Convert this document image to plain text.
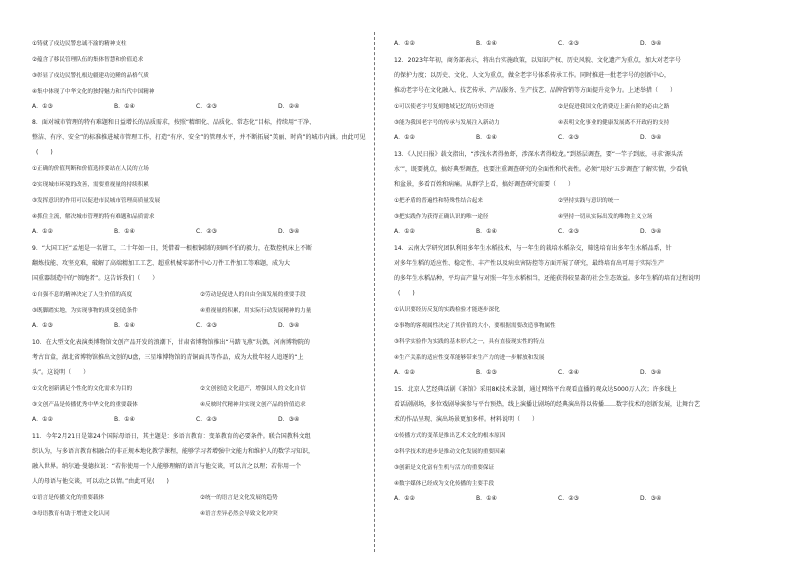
①铸就了戍边民警忠诚不渝的精神支柱
②蕴含了移民管理队伍的集体智慧和价值追求
③彰显了戍边民警扎根边疆建功边陲的品格气质
④集中体现了中华文化的独特魅力和当代中国精神
A．①③	B．①④	C．②③	D．②④
8．面对城市管理的特有难题和日益增长的品质需求，按照“精细化、品质化、常态化”目标，持续用“干净、
整洁、有序、安全”的标准推进城市管理工作，打造“有序、安全”的管理水平，并不断拓展“美丽、时尚”的城市内涵。由此可见
(　　)
①正确的价值判断和价值选择要站在人民的立场
②实现城市环境的改善，需要重视量的持续积累
③发挥意识的作用可以促进市民城市管理高质量发展
④抓住主流，解决城市管理的特有难题和品质需求
A．①②	B．①④	C．②③	D．③④
9．“大国工匠”孟旭是一名钳工，二十年如一日，凭借着一根根铜制的刻画不怕的毅力，在数控机床上不断
翻炼技能、攻坚克难，破解了高端精加工工艺、超重机械零部件中心刀件工件加工等难题，成为大
国重器制造中的“领跑者”。这告诉我们（　　）
①自强不息的精神决定了人生价值的高度	②劳动是促进人的自由全面发展的重要手段
③既脚踏实地，为实现事物的质变创造条件	④重视量的积累，用实际行动发展精神的力量
A．①③	B．①④	C．②③	D．③④
10．在大型文化表演类博物馆文创产品开发的浪潮下，甘肃省博物馆推出“马踏飞燕”玩偶，河南博物院的
考古盲盒，湖北省博物馆推出文创的U盘，三星堆博物馆的青铜面具等作品，成为大批年轻人追逐的“上
头”。这说明（　　）
①文化创新满足个性化的文化需求为目的	②文创创造文化遗产，增强国人的文化自信
③文创产品是传播优秀中华文化的重要载体	④反映时代精神并实现文创产品的价值追求
A．①②	B．①④	C．②③	D．③④
11．今年2月21日是第24个国际母语日，其主题是：多语言教育：变革教育的必要条件。联合国教科文组
织认为，与多语言教育相融合的非正规本地化教学课程，能够学习者增强中文能力和维护人的数学习知识，
融入世界。纳尔逊·曼德拉说：“若你使用一个人能够理解的语言与他交谈，可以言之以理；若你用一个
人的母语与他交谈，可以动之以情。”由此可见(　　)
①语言是传播文化的重要载体	②统一的语言是文化发展的趋势
③母语教育有助于增进文化认同	④语言差异必然会导致文化冲突
A．①②	B．①④	C．②③	D．③④
12．2023年年初，商务部表示，将出台实施政策，以知识产权、历史风貌、文化遗产为重点，加大对老字号
的保护力度；以历史、文化、人文为重点，做全老字号体系传承工作。同时推进一批老字号的创新中心，
推动老字号在文化融入、技艺传承、产品服务、生产技艺、品牌营销等方面提升竞争力。上述举措（　　）
①可以使老字号复刻地域记忆的历史印迹	②是促进我国文化消费迈上新台阶的必由之路
③能为我国老字号的传承与发展注入新动力	④表明文化事业的健康发展离不开政府的支持
A．①②	B．①④	C．②③	D．③④
13．《人民日报》载文指出，“涉浅水者得鱼虾，涉深水者得蛟龙。”到基层调查，要“一竿子到底，寻求‘源头活
水’”，既要挑点，搞好典型调查，也要注重调查研究的全面性和代表性。必须“用好‘五步调查’了解实情，少看轨
和盆景，多看百姓和病痛。从群学上看，搞好调查研究需要（　　）
①把矛盾的普遍性和特殊性结合起来	②坚持实践与意识的统一
③把实践作为获得正确认识的唯一途径	④坚持一切从实际出发的唯物主义立场
A．①②	B．①④	C．②③	D．③④
14．云南大学研究团队利用多年生水稻技术，与一年生的栽培水稻杂交，筛选培育出多年生水稻品系，针
对多年生稻的适应性、稳定性、丰产性以及病虫害防控等方面开展了研究，最终培育出可用于实际生产
的多年生水稻品种，平均亩产量与对照一年生水稻相当，还能获得较显著的社会生态效益。多年生稻的培育过程说明
(　　)
①认识要经历反复的实践检验才能逐步深化
②事物的客观属性决定了其价值的大小，要根据需要改造事物属性
③科学实验作为实践的基本形式之一，具有直接现实性的特点
④生产关系的适应性变革能够带来生产力的进一步解放和发展
A．①②	B．①③	C．②④	D．③④
15．北京人艺经典话剧《茶馆》采用8K技术录制，通过网络平台观看直播的观众达5000万人次；许多线上
看话剧剧场，多位戏剧导演参与平台预热，线上演播让剧场的经典演出得以传播……数字技术的创新发展，让舞台艺
术的作品呈现、演出场景更加多样。材料说明（　　）
①传播方式的变革是推出艺术文化的根本原因
②科学技术的进步是推动文化发展的重要因素
③创新是文化富有生机与活力的重要保证
④数字媒体已经成为文化传播的主要手段
A．①②	B．①④	C．②③	D．③④
